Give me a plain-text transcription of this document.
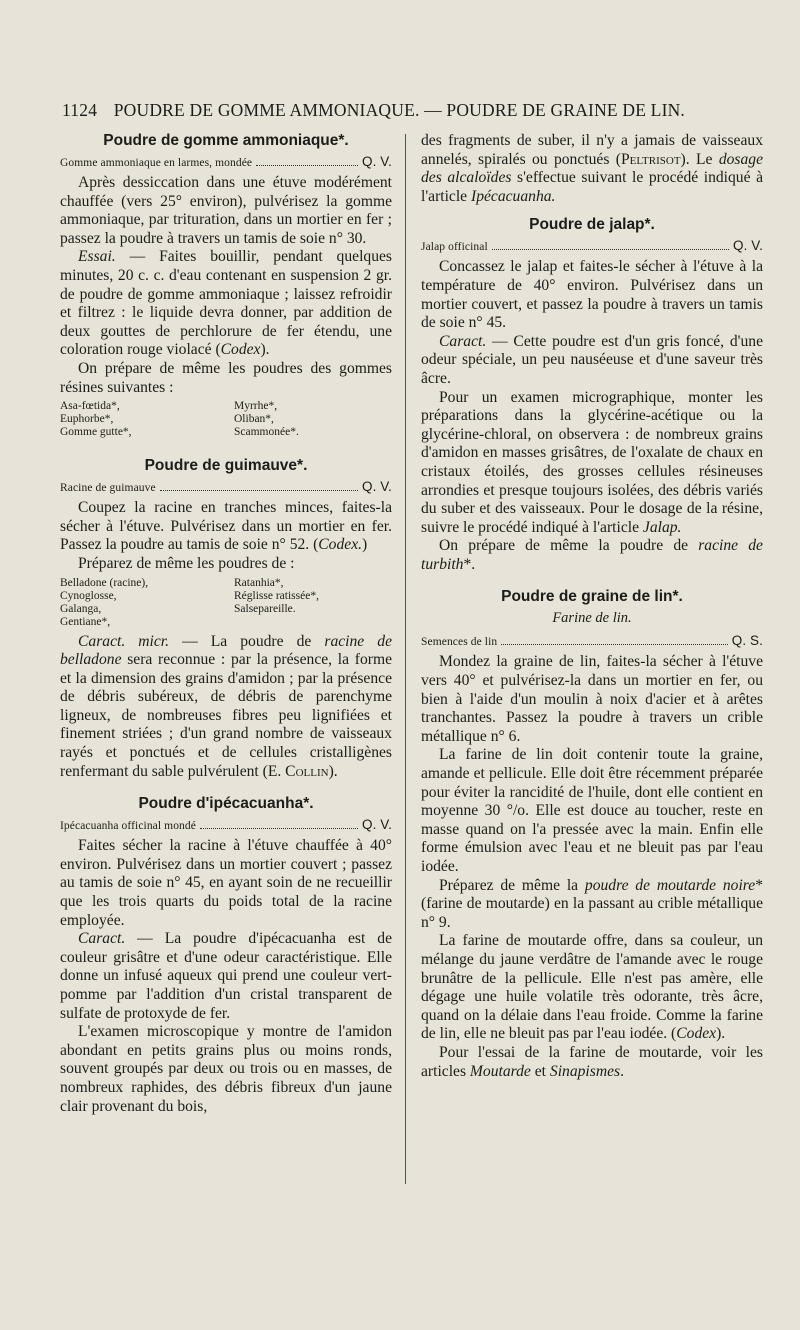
1124 POUDRE DE GOMME AMMONIAQUE. — POUDRE DE GRAINE DE LIN.
Poudre de gomme ammoniaque*.
Gomme ammoniaque en larmes, mondée	Q. V.

Après dessiccation dans une étuve modérément chauffée (vers 25° environ), pulvérisez la gomme ammoniaque, par trituration, dans un mortier en fer ; passez la poudre à travers un tamis de soie n° 30.

Essai. — Faites bouillir, pendant quelques minutes, 20 c. c. d'eau contenant en suspension 2 gr. de poudre de gomme ammoniaque ; laissez refroidir et filtrez : le liquide devra donner, par addition de deux gouttes de perchlorure de fer étendu, une coloration rouge violacé (Codex).

On prépare de même les poudres des gommes résines suivantes :

Asa-fœtida*,	Myrrhe*,
Euphorbe*,	Oliban*,
Gomme gutte*,	Scammonée*.
Poudre de guimauve*.
Racine de guimauve	Q. V.

Coupez la racine en tranches minces, faites-la sécher à l'étuve. Pulvérisez dans un mortier en fer. Passez la poudre au tamis de soie n° 52. (Codex.)

Préparez de même les poudres de :

Belladone (racine),	Ratanhia*,
Cynoglosse,	Réglisse ratissée*,
Galanga,	Salsepareille.
Gentiane*,

Caract. micr. — La poudre de racine de belladone sera reconnue : par la présence, la forme et la dimension des grains d'amidon ; par la présence de débris subéreux, de débris de parenchyme ligneux, de nombreuses fibres peu lignifiées et finement striées ; d'un grand nombre de vaisseaux rayés et ponctués et de cellules cristalligènes renfermant du sable pulvérulent (E. Collin).

Poudre d'ipécacuanha*.
Ipécacuanha officinal mondé	Q. V.

Faites sécher la racine à l'étuve chauffée à 40° environ. Pulvérisez dans un mortier couvert ; passez au tamis de soie n° 45, en ayant soin de ne recueillir que les trois quarts du poids total de la racine employée.

Caract. — La poudre d'ipécacuanha est de couleur grisâtre et d'une odeur caractéristique. Elle donne un infusé aqueux qui prend une couleur vert-pomme par l'addition d'un cristal transparent de sulfate de protoxyde de fer.

L'examen microscopique y montre de l'amidon abondant en petits grains plus ou moins ronds, souvent groupés par deux ou trois ou en masses, de nombreux raphides, des débris fibreux d'un jaune clair provenant du bois,

des fragments de suber, il n'y a jamais de vaisseaux annelés, spiralés ou ponctués (Peltrisot). Le dosage des alcaloïdes s'effectue suivant le procédé indiqué à l'article Ipécacuanha.

Poudre de jalap*.
Jalap officinal	Q. V.

Concassez le jalap et faites-le sécher à l'étuve à la température de 40° environ. Pulvérisez dans un mortier couvert, et passez la poudre à travers un tamis de soie n° 45.

Caract. — Cette poudre est d'un gris foncé, d'une odeur spéciale, un peu nauséeuse et d'une saveur très âcre.

Pour un examen micrographique, monter les préparations dans la glycérine-acétique ou la glycérine-chloral, on observera : de nombreux grains d'amidon en masses grisâtres, de l'oxalate de chaux en cristaux étoilés, des grosses cellules résineuses arrondies et presque toujours isolées, des débris variés du suber et des vaisseaux. Pour le dosage de la résine, suivre le procédé indiqué à l'article Jalap.

On prépare de même la poudre de racine de turbith*.

Poudre de graine de lin*.
Farine de lin.
Semences de lin	Q. S.

Mondez la graine de lin, faites-la sécher à l'étuve vers 40° et pulvérisez-la dans un mortier en fer, ou bien à l'aide d'un moulin à noix d'acier et à arêtes tranchantes. Passez la poudre à travers un crible métallique n° 6.

La farine de lin doit contenir toute la graine, amande et pellicule. Elle doit être récemment préparée pour éviter la rancidité de l'huile, dont elle contient en moyenne 30 °/o. Elle est douce au toucher, reste en masse quand on l'a pressée avec la main. Enfin elle forme émulsion avec l'eau et ne bleuit pas par l'eau iodée.

Préparez de même la poudre de moutarde noire* (farine de moutarde) en la passant au crible métallique n° 9.

La farine de moutarde offre, dans sa couleur, un mélange du jaune verdâtre de l'amande avec le rouge brunâtre de la pellicule. Elle n'est pas amère, elle dégage une huile volatile très odorante, très âcre, quand on la délaie dans l'eau froide. Comme la farine de lin, elle ne bleuit pas par l'eau iodée. (Codex).

Pour l'essai de la farine de moutarde, voir les articles Moutarde et Sinapismes.
